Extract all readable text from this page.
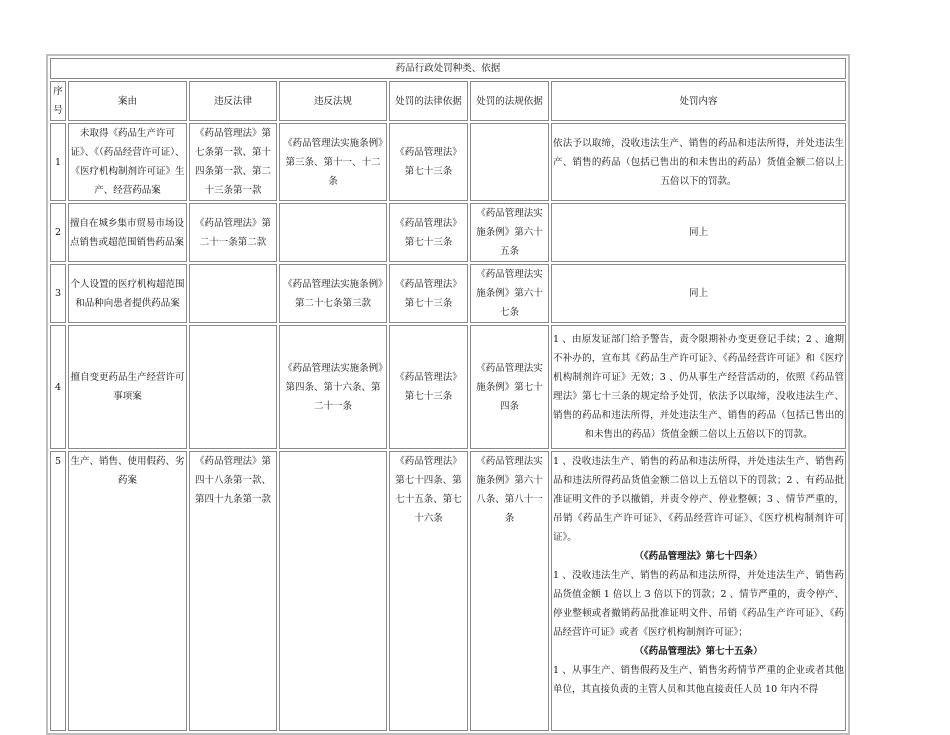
药品行政处罚种类、依据						
序号	案由	违反法律	违反法规	处罚的法律依据	处罚的法规依据	处罚内容
1	未取得《药品生产许可证》、《（药品经营许可证）、《医疗机构制剂许可证》生产、经营药品案	《药品管理法》第七条第一款、第十四条第一款、第二十三条第一款	《药品管理法实施条例》第三条、第十一、十二条	《药品管理法》第七十三条		依法予以取缔，没收违法生产、销售的药品和违法所得，并处违法生产、销售的药品（包括已售出的和未售出的药品）货值金额二倍以上五倍以下的罚款。
2	擅自在城乡集市贸易市场设点销售或超范围销售药品案	《药品管理法》第二十一条第二款		《药品管理法》第七十三条	《药品管理法实施条例》第六十五条	同上
3	个人设置的医疗机构超范围和品种向患者提供药品案		《药品管理法实施条例》第二十七条第三款	《药品管理法》第七十三条	《药品管理法实施条例》第六十七条	同上
4	擅自变更药品生产经营许可事项案		《药品管理法实施条例》第四条、第十六条、第二十一条	《药品管理法》第七十三条	《药品管理法实施条例》第七十四条	1 、由原发证部门给予警告，责令限期补办变更登记手续；2 、逾期不补办的，宣布其《药品生产许可证》、《药品经营许可证》和《医疗机构制剂许可证》无效；3 、仍从事生产经营活动的，依照《药品管理法》第七十三条的规定给予处罚，依法予以取缔，没收违法生产、销售的药品和违法所得，并处违法生产、销售的药品（包括已售出的和未售出的药品）货值金额二倍以上五倍以下的罚款。
5	生产、销售、使用假药、劣药案	《药品管理法》第四十八条第一款、第四十九条第一款		《药品管理法》第七十四条、第七十五条、第七十六条	《药品管理法实施条例》第六十八条、第八十一条	1 、没收违法生产、销售的药品和违法所得，并处违法生产、销售药品和违法所得药品货值金额二倍以上五倍以下的罚款；2 、有药品批准证明文件的予以撤销，并责令停产、停业整顿；3 、情节严重的，吊销《药品生产许可证》、《药品经营许可证》、《医疗机构制剂许可证》。
（《药品管理法》第七十四条）
1 、没收违法生产、销售的药品和违法所得，并处违法生产、销售药品货值金额 1 倍以上 3 倍以下的罚款；2 、情节严重的，责令停产、停业整顿或者撤销药品批准证明文件、吊销《药品生产许可证》、《药品经营许可证》或者《医疗机构制剂许可证》；
（《药品管理法》第七十五条）
1 、从事生产、销售假药及生产、销售劣药情节严重的企业或者其他单位，其直接负责的主管人员和其他直接责任人员 10 年内不得
